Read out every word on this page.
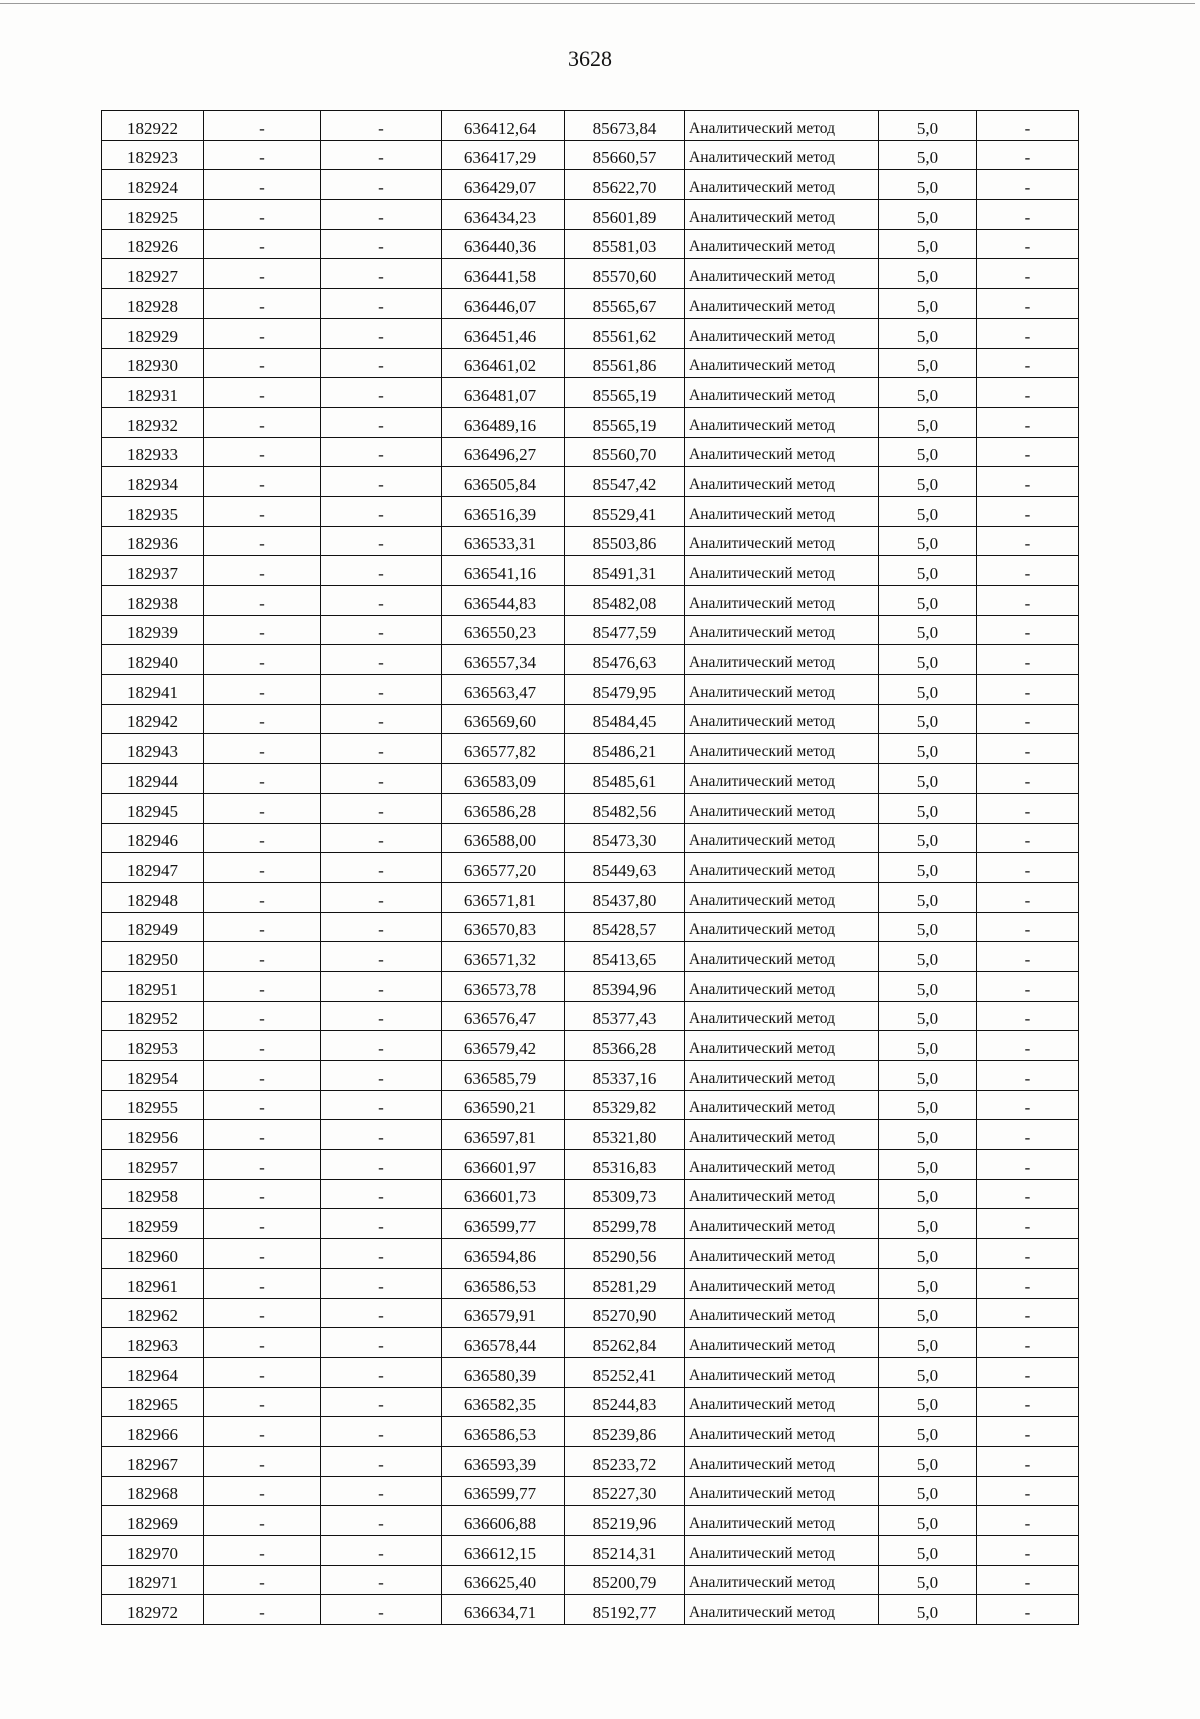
3628
182922	-	-	636412,64	85673,84	Аналитический метод	5,0	-
182923	-	-	636417,29	85660,57	Аналитический метод	5,0	-
182924	-	-	636429,07	85622,70	Аналитический метод	5,0	-
182925	-	-	636434,23	85601,89	Аналитический метод	5,0	-
182926	-	-	636440,36	85581,03	Аналитический метод	5,0	-
182927	-	-	636441,58	85570,60	Аналитический метод	5,0	-
182928	-	-	636446,07	85565,67	Аналитический метод	5,0	-
182929	-	-	636451,46	85561,62	Аналитический метод	5,0	-
182930	-	-	636461,02	85561,86	Аналитический метод	5,0	-
182931	-	-	636481,07	85565,19	Аналитический метод	5,0	-
182932	-	-	636489,16	85565,19	Аналитический метод	5,0	-
182933	-	-	636496,27	85560,70	Аналитический метод	5,0	-
182934	-	-	636505,84	85547,42	Аналитический метод	5,0	-
182935	-	-	636516,39	85529,41	Аналитический метод	5,0	-
182936	-	-	636533,31	85503,86	Аналитический метод	5,0	-
182937	-	-	636541,16	85491,31	Аналитический метод	5,0	-
182938	-	-	636544,83	85482,08	Аналитический метод	5,0	-
182939	-	-	636550,23	85477,59	Аналитический метод	5,0	-
182940	-	-	636557,34	85476,63	Аналитический метод	5,0	-
182941	-	-	636563,47	85479,95	Аналитический метод	5,0	-
182942	-	-	636569,60	85484,45	Аналитический метод	5,0	-
182943	-	-	636577,82	85486,21	Аналитический метод	5,0	-
182944	-	-	636583,09	85485,61	Аналитический метод	5,0	-
182945	-	-	636586,28	85482,56	Аналитический метод	5,0	-
182946	-	-	636588,00	85473,30	Аналитический метод	5,0	-
182947	-	-	636577,20	85449,63	Аналитический метод	5,0	-
182948	-	-	636571,81	85437,80	Аналитический метод	5,0	-
182949	-	-	636570,83	85428,57	Аналитический метод	5,0	-
182950	-	-	636571,32	85413,65	Аналитический метод	5,0	-
182951	-	-	636573,78	85394,96	Аналитический метод	5,0	-
182952	-	-	636576,47	85377,43	Аналитический метод	5,0	-
182953	-	-	636579,42	85366,28	Аналитический метод	5,0	-
182954	-	-	636585,79	85337,16	Аналитический метод	5,0	-
182955	-	-	636590,21	85329,82	Аналитический метод	5,0	-
182956	-	-	636597,81	85321,80	Аналитический метод	5,0	-
182957	-	-	636601,97	85316,83	Аналитический метод	5,0	-
182958	-	-	636601,73	85309,73	Аналитический метод	5,0	-
182959	-	-	636599,77	85299,78	Аналитический метод	5,0	-
182960	-	-	636594,86	85290,56	Аналитический метод	5,0	-
182961	-	-	636586,53	85281,29	Аналитический метод	5,0	-
182962	-	-	636579,91	85270,90	Аналитический метод	5,0	-
182963	-	-	636578,44	85262,84	Аналитический метод	5,0	-
182964	-	-	636580,39	85252,41	Аналитический метод	5,0	-
182965	-	-	636582,35	85244,83	Аналитический метод	5,0	-
182966	-	-	636586,53	85239,86	Аналитический метод	5,0	-
182967	-	-	636593,39	85233,72	Аналитический метод	5,0	-
182968	-	-	636599,77	85227,30	Аналитический метод	5,0	-
182969	-	-	636606,88	85219,96	Аналитический метод	5,0	-
182970	-	-	636612,15	85214,31	Аналитический метод	5,0	-
182971	-	-	636625,40	85200,79	Аналитический метод	5,0	-
182972	-	-	636634,71	85192,77	Аналитический метод	5,0	-
